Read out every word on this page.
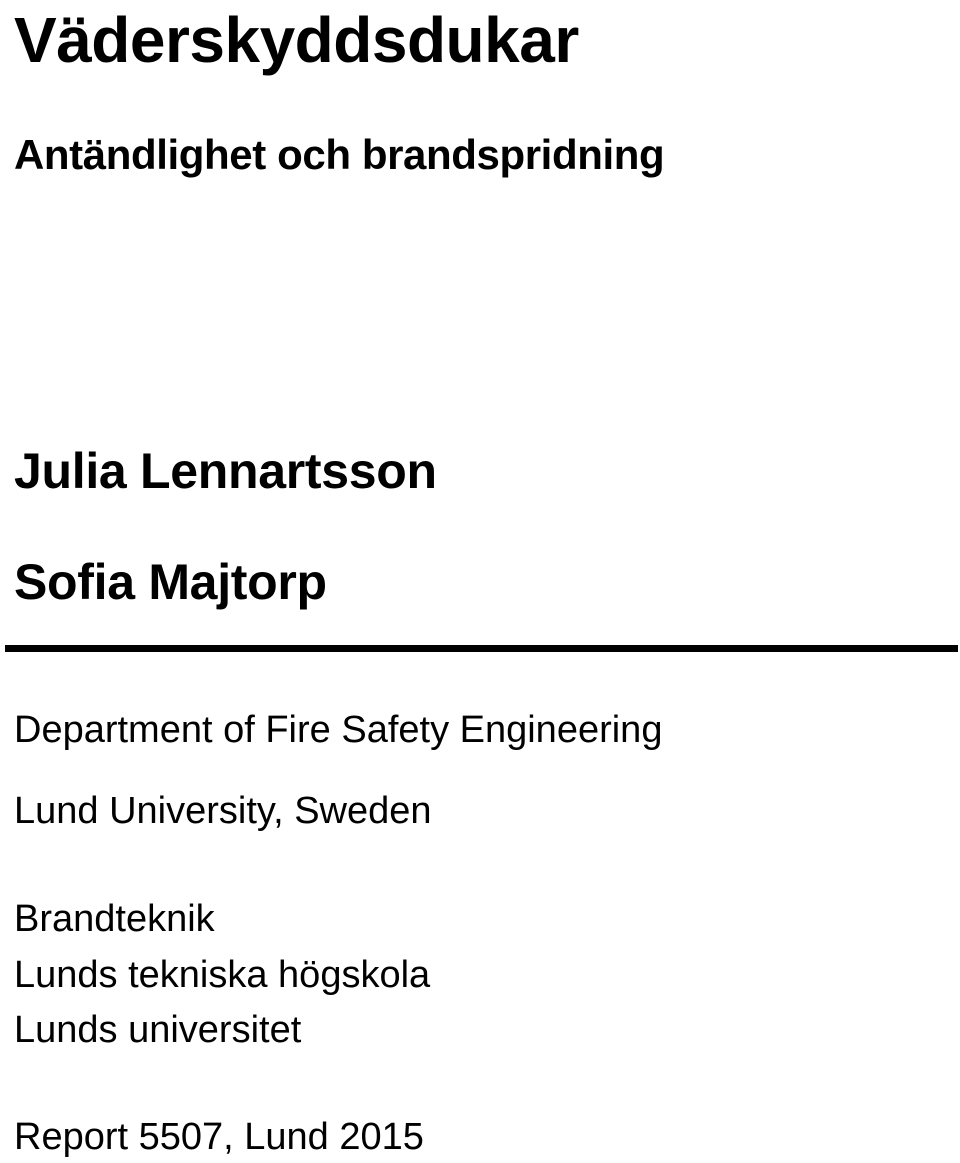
Väderskyddsdukar
Antändlighet och brandspridning
Julia Lennartsson
Sofia Majtorp
Department of Fire Safety Engineering
Lund University, Sweden
Brandteknik
Lunds tekniska högskola
Lunds universitet
Report 5507, Lund 2015
